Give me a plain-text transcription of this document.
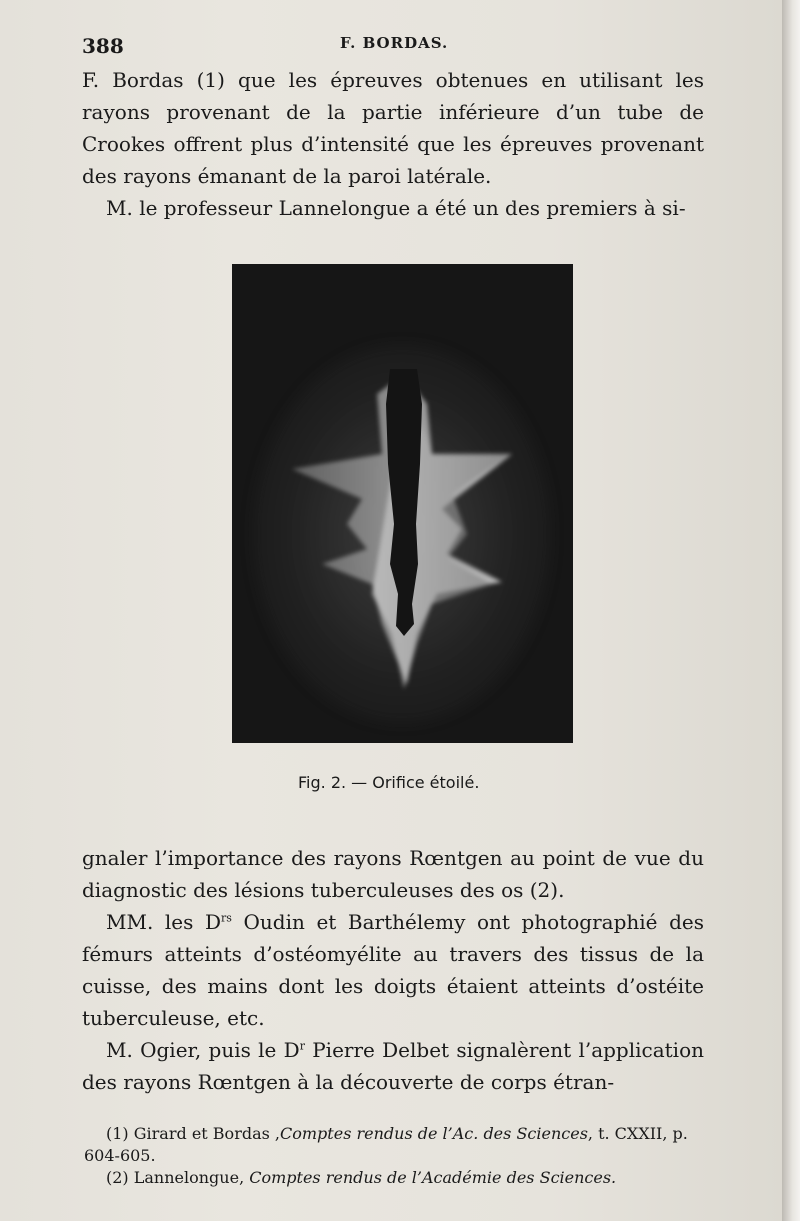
388	F. BORDAS.

F. Bordas (1) que les épreuves obtenues en utilisant les rayons provenant de la partie inférieure d’un tube de Crookes offrent plus d’intensité que les épreuves provenant des rayons émanant de la paroi latérale.

M. le professeur Lannelongue a été un des premiers à si-

Fig. 2. — Orifice étoilé.

gnaler l’importance des rayons Rœntgen au point de vue du diagnostic des lésions tuberculeuses des os (2).

MM. les $D^{rs}$ Oudin et Barthélemy ont photographié des fémurs atteints d’ostéomyélite au travers des tissus de la cuisse, des mains dont les doigts étaient atteints d’ostéite tuberculeuse, etc.

M. Ogier, puis le $D^r$ Pierre Delbet signalèrent l’application des rayons Rœntgen à la découverte de corps étran-

(1) Girard et Bordas ,Comptes rendus de l’Ac. des Sciences, t. CXXII, p. 604-605.

(2) Lannelongue, Comptes rendus de l’Académie des Sciences.
